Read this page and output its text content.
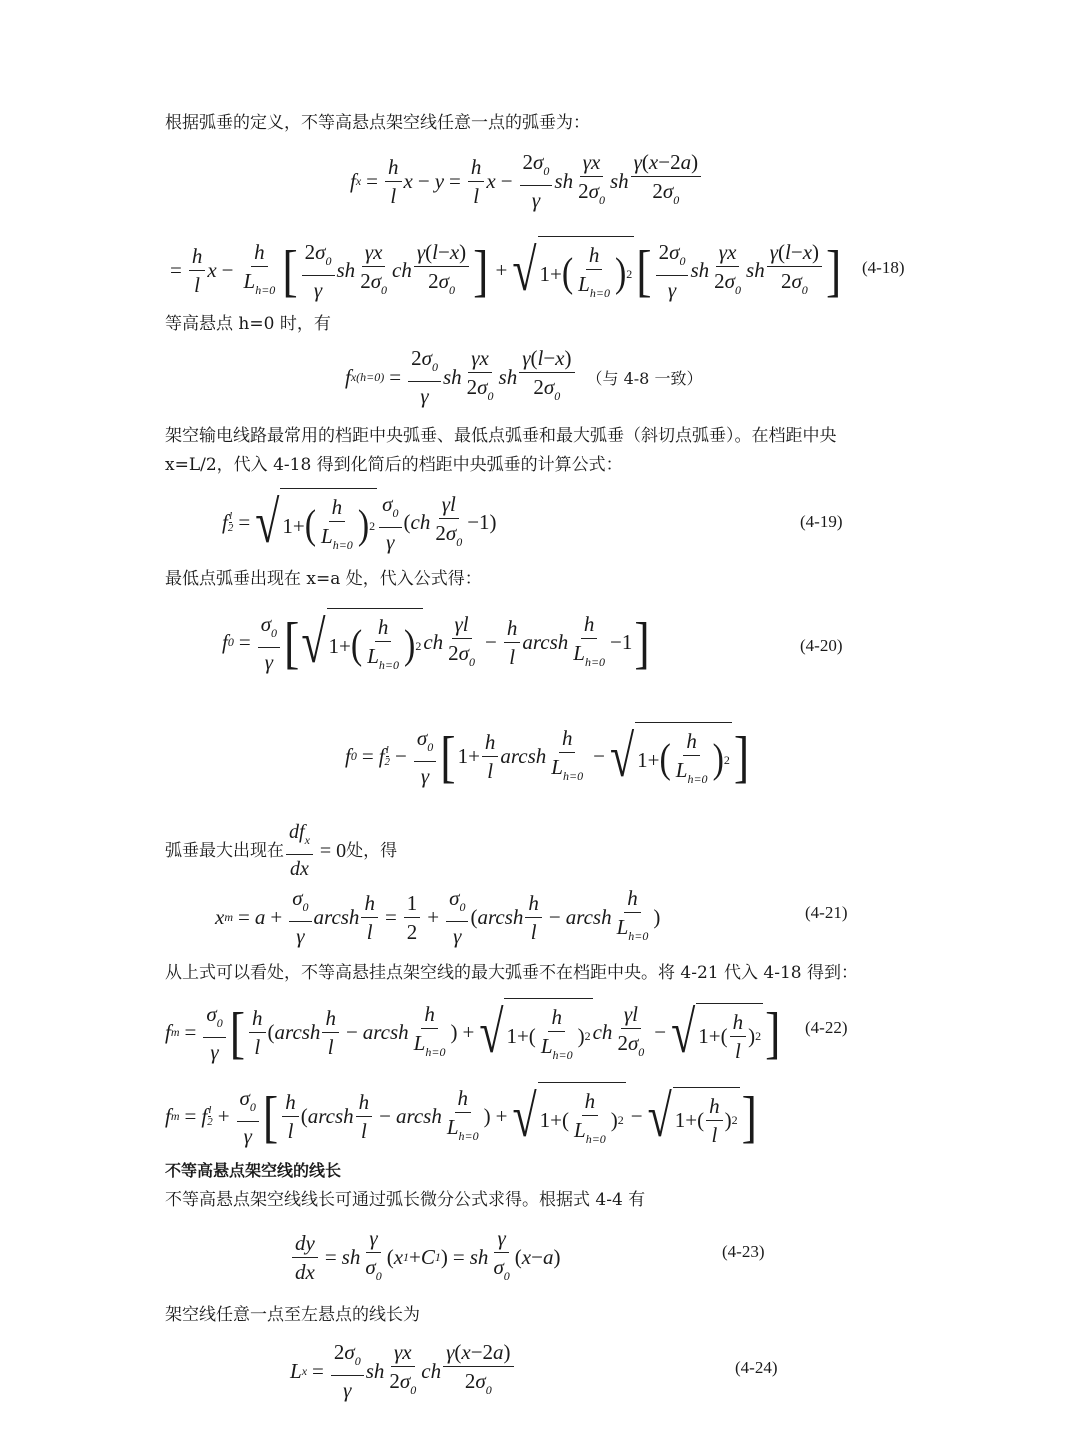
根据弧垂的定义，不等高悬点架空线任意一点的弧垂为：
f $x = \frac{h}{l}$ $x - y = \frac{h}{l}$ $x - \frac{2\sigma_0}{\gamma}$ sh $\frac{\gamma x}{2\sigma_0}$ sh $\frac{\gamma(x-2a)}{2\sigma_0}$
= $\frac{h}{l}$ $x - \frac{h}{L_{h=0}}$ [ $\frac{2\sigma_0}{\gamma}$ sh $\frac{\gamma x}{2\sigma_0}$ ch $\frac{\gamma(l-x)}{2\sigma_0}$ ] + √ 1+ ( $\frac{h}{L_{h=0}}$ ) 2 [ $\frac{2\sigma_0}{\gamma}$ sh $\frac{\gamma x}{2\sigma_0}$ sh $\frac{\gamma(l-x)}{2\sigma_0}$ ] (4-18)
等高悬点 h=0 时，有
f $x(h=0) = \frac{2\sigma_0}{\gamma}$ sh $\frac{\gamma x}{2\sigma_0}$ sh $\frac{\gamma(l-x)}{2\sigma_0}$ （与 4-8 一致）
架空输电线路最常用的档距中央弧垂、最低点弧垂和最大弧垂（斜切点弧垂）。在档距中央
x=L/2，代入 4-18 得到化简后的档距中央弧垂的计算公式：
f $\frac{l}{2}$ = √ 1+ ( $\frac{h}{L_{h=0}}$ ) $2 \frac{\sigma_0}{\gamma}$ ( ch $\frac{\gamma l}{2\sigma_0} -1$)	(4-19)
最低点弧垂出现在 x=a 处，代入公式得：
f $0 = \frac{\sigma_0}{\gamma}$ [ √ 1+ ( $\frac{h}{L_{h=0}}$ ) 2 ch $\frac{\gamma l}{2\sigma_0} - \frac{h}{l}$ arcsh $\frac{h}{L_{h=0}} -1$ ]	(4-20)
f 0 = f l
$2 - \frac{\sigma_0}{\gamma}$ [ $1+ \frac{h}{l}$ arcsh $\frac{h}{L_{h=0}}$ − √ 1+ ( $\frac{h}{L_{h=0}}$ ) 2 ]
弧垂最大出现在 $\frac{df_x}{dx} = 0$ 处，得
x $m = a + \frac{\sigma_0}{\gamma}$ arcsh $\frac{h}{l} = \frac{1}{2} + \frac{\sigma_0}{\gamma}$ ( arcsh $\frac{h}{l}$ − arcsh $\frac{h}{L_{h=0}}$ )	(4-21)
从上式可以看处，不等高悬挂点架空线的最大弧垂不在档距中央。将 4-21 代入 4-18 得到：
f $m = \frac{\sigma_0}{\gamma}$ [ $\frac{h}{l}$ ( arcsh $\frac{h}{l}$ − arcsh $\frac{h}{L_{h=0}}$ ) + √ $1+( \frac{h}{L_{h=0}}$ ) 2 ch $\frac{\gamma l}{2\sigma_0}$ − √ $1+( \frac{h}{l}$ ) 2 ] (4-22)
f m = f l
$2 + \frac{\sigma_0}{\gamma}$ [ $\frac{h}{l}$ ( arcsh $\frac{h}{l}$ − arcsh $\frac{h}{L_{h=0}}$ ) + √ $1+( \frac{h}{L_{h=0}}$ ) 2 − √ $1+( \frac{h}{l}$ ) 2 ]
不等高悬点架空线的线长
不等高悬点架空线线长可通过弧长微分公式求得。根据式 4-4 有
$\frac{dy}{dx}$ = sh $\frac{\gamma}{\sigma_0}$ ( x 1 + C 1 ) = sh $\frac{\gamma}{\sigma_0}$ ( x − a )	(4-23)
架空线任意一点至左悬点的线长为
L $x = \frac{2\sigma_0}{\gamma}$ sh $\frac{\gamma x}{2\sigma_0}$ ch $\frac{\gamma(x-2a)}{2\sigma_0}$	(4-24)
